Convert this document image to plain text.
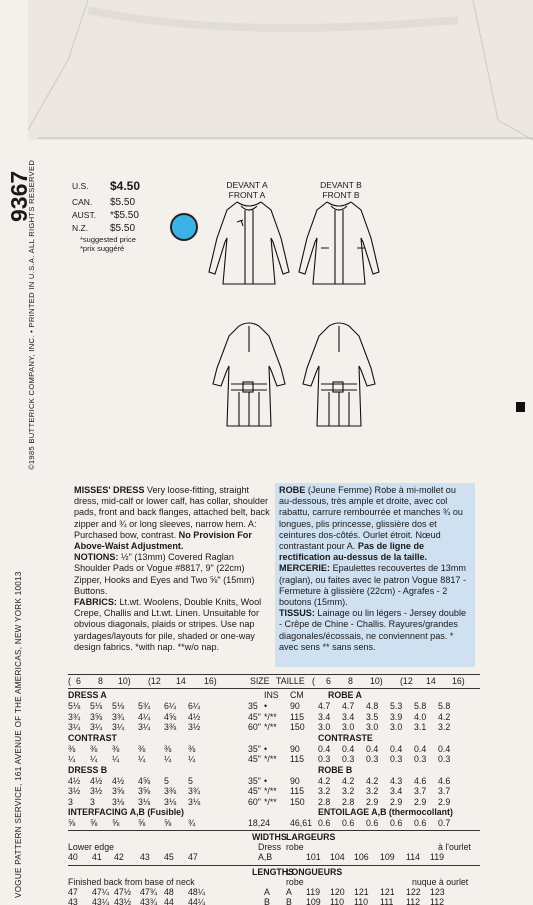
9367
VOGUE PATTERN SERVICE, 161 AVENUE OF THE AMERICAS, NEW YORK 10013
©1985 BUTTERICK COMPANY, INC. • PRINTED IN U.S.A. ALL RIGHTS RESERVED	U.S.	$4.50
CAN.	$5.50
AUST.	*$5.50
N.Z.	$5.50
*suggested price
*prix suggéré
DEVANT A
FRONT A
DEVANT B
FRONT B
MISSES' DRESS Very loose-fitting, straight dress, mid-calf or lower calf, has collar, shoulder pads, front and back flanges, attached belt, back zipper and ¾ or long sleeves, narrow hem. A: Purchased bow, contrast. No Provision For Above-Waist Adjustment.
NOTIONS: ½" (13mm) Covered Raglan Shoulder Pads or Vogue #8817, 9" (22cm) Zipper, Hooks and Eyes and Two ⅝" (15mm) Buttons.
FABRICS: Lt.wt. Woolens, Double Knits, Wool Crepe, Challis and Lt.wt. Linen. Unsuitable for obvious diagonals, plaids or stripes. Use nap yardages/layouts for pile, shaded or one-way design fabrics. *with nap. **w/o nap.
ROBE (Jeune Femme) Robe à mi-mollet ou au-dessous, très ample et droite, avec col rabattu, carrure rembourrée et manches ¾ ou longues, plis princesse, glissière dos et ceintures dos-côtés. Ourlet étroit. Nœud contrastant pour A. Pas de ligne de rectification au-dessus de la taille.
MERCERIE: Epaulettes recouvertes de 13mm (raglan), ou faites avec le patron Vogue 8817 - Fermeture à glissière (22cm) - Agrafes - 2 boutons (15mm).
TISSUS: Lainage ou lin légers - Jersey double - Crêpe de Chine - Challis. Rayures/grandes diagonales/écossais, ne conviennent pas. * avec sens ** sans sens.
( 6 8 10) (12 14 16)	SIZE TAILLE ( 6 8 10) (12 14 16)
DRESS A	INS CM	ROBE A
5⅛ 5⅛ 5⅛ 5¾ 6¼ 6¼	35 •	90 4.7 4.7 4.8 5.3 5.8 5.8
3¾ 3⅝ 3¾ 4¼ 4⅝ 4½	45" */** 115 3.4 3.4 3.5 3.9 4.0 4.2
3¼ 3¼ 3¼ 3¼ 3⅜ 3½	60" */** 150 3.0 3.0 3.0 3.0 3.1 3.2
CONTRAST	CONTRASTE
⅜ ⅜ ⅜ ⅜ ⅜ ⅜	35" •	90 0.4 0.4 0.4 0.4 0.4 0.4
¼ ¼ ¼ ¼ ¼ ¼	45" */** 115 0.3 0.3 0.3 0.3 0.3 0.3
DRESS B	ROBE B
4½ 4½ 4½ 4⅝ 5 5	35" •	90 4.2 4.2 4.2 4.3 4.6 4.6
3½ 3½ 3⅝ 3⅝ 3⅜ 3¾	45" */** 115 3.2 3.2 3.2 3.4 3.7 3.7
3 3 3⅛ 3⅛ 3⅛ 3⅛	60" */** 150 2.8 2.8 2.9 2.9 2.9 2.9
INTERFACING A,B (Fusible)	ENTOILAGE A,B (thermocollant)
⅝ ⅝ ⅝ ⅝ ⅝ ¾	18,24 46,61 0.6 0.6 0.6 0.6 0.6 0.7
WIDTHS LARGEURS
Lower edge	Dress robe	à l'ourlet
40 41 42 43 45 47	A,B	101 104 106 109 114 119
LENGTHS
LONGUEURS
Finished back from base of neck	robe	nuque à ourlet
47 47¼ 47½ 47¾ 48 48¼	A A 119 120 121 121 122 123
43 43¼ 43½ 43¾ 44 44¼	B B 109 110 110 111 112 112
